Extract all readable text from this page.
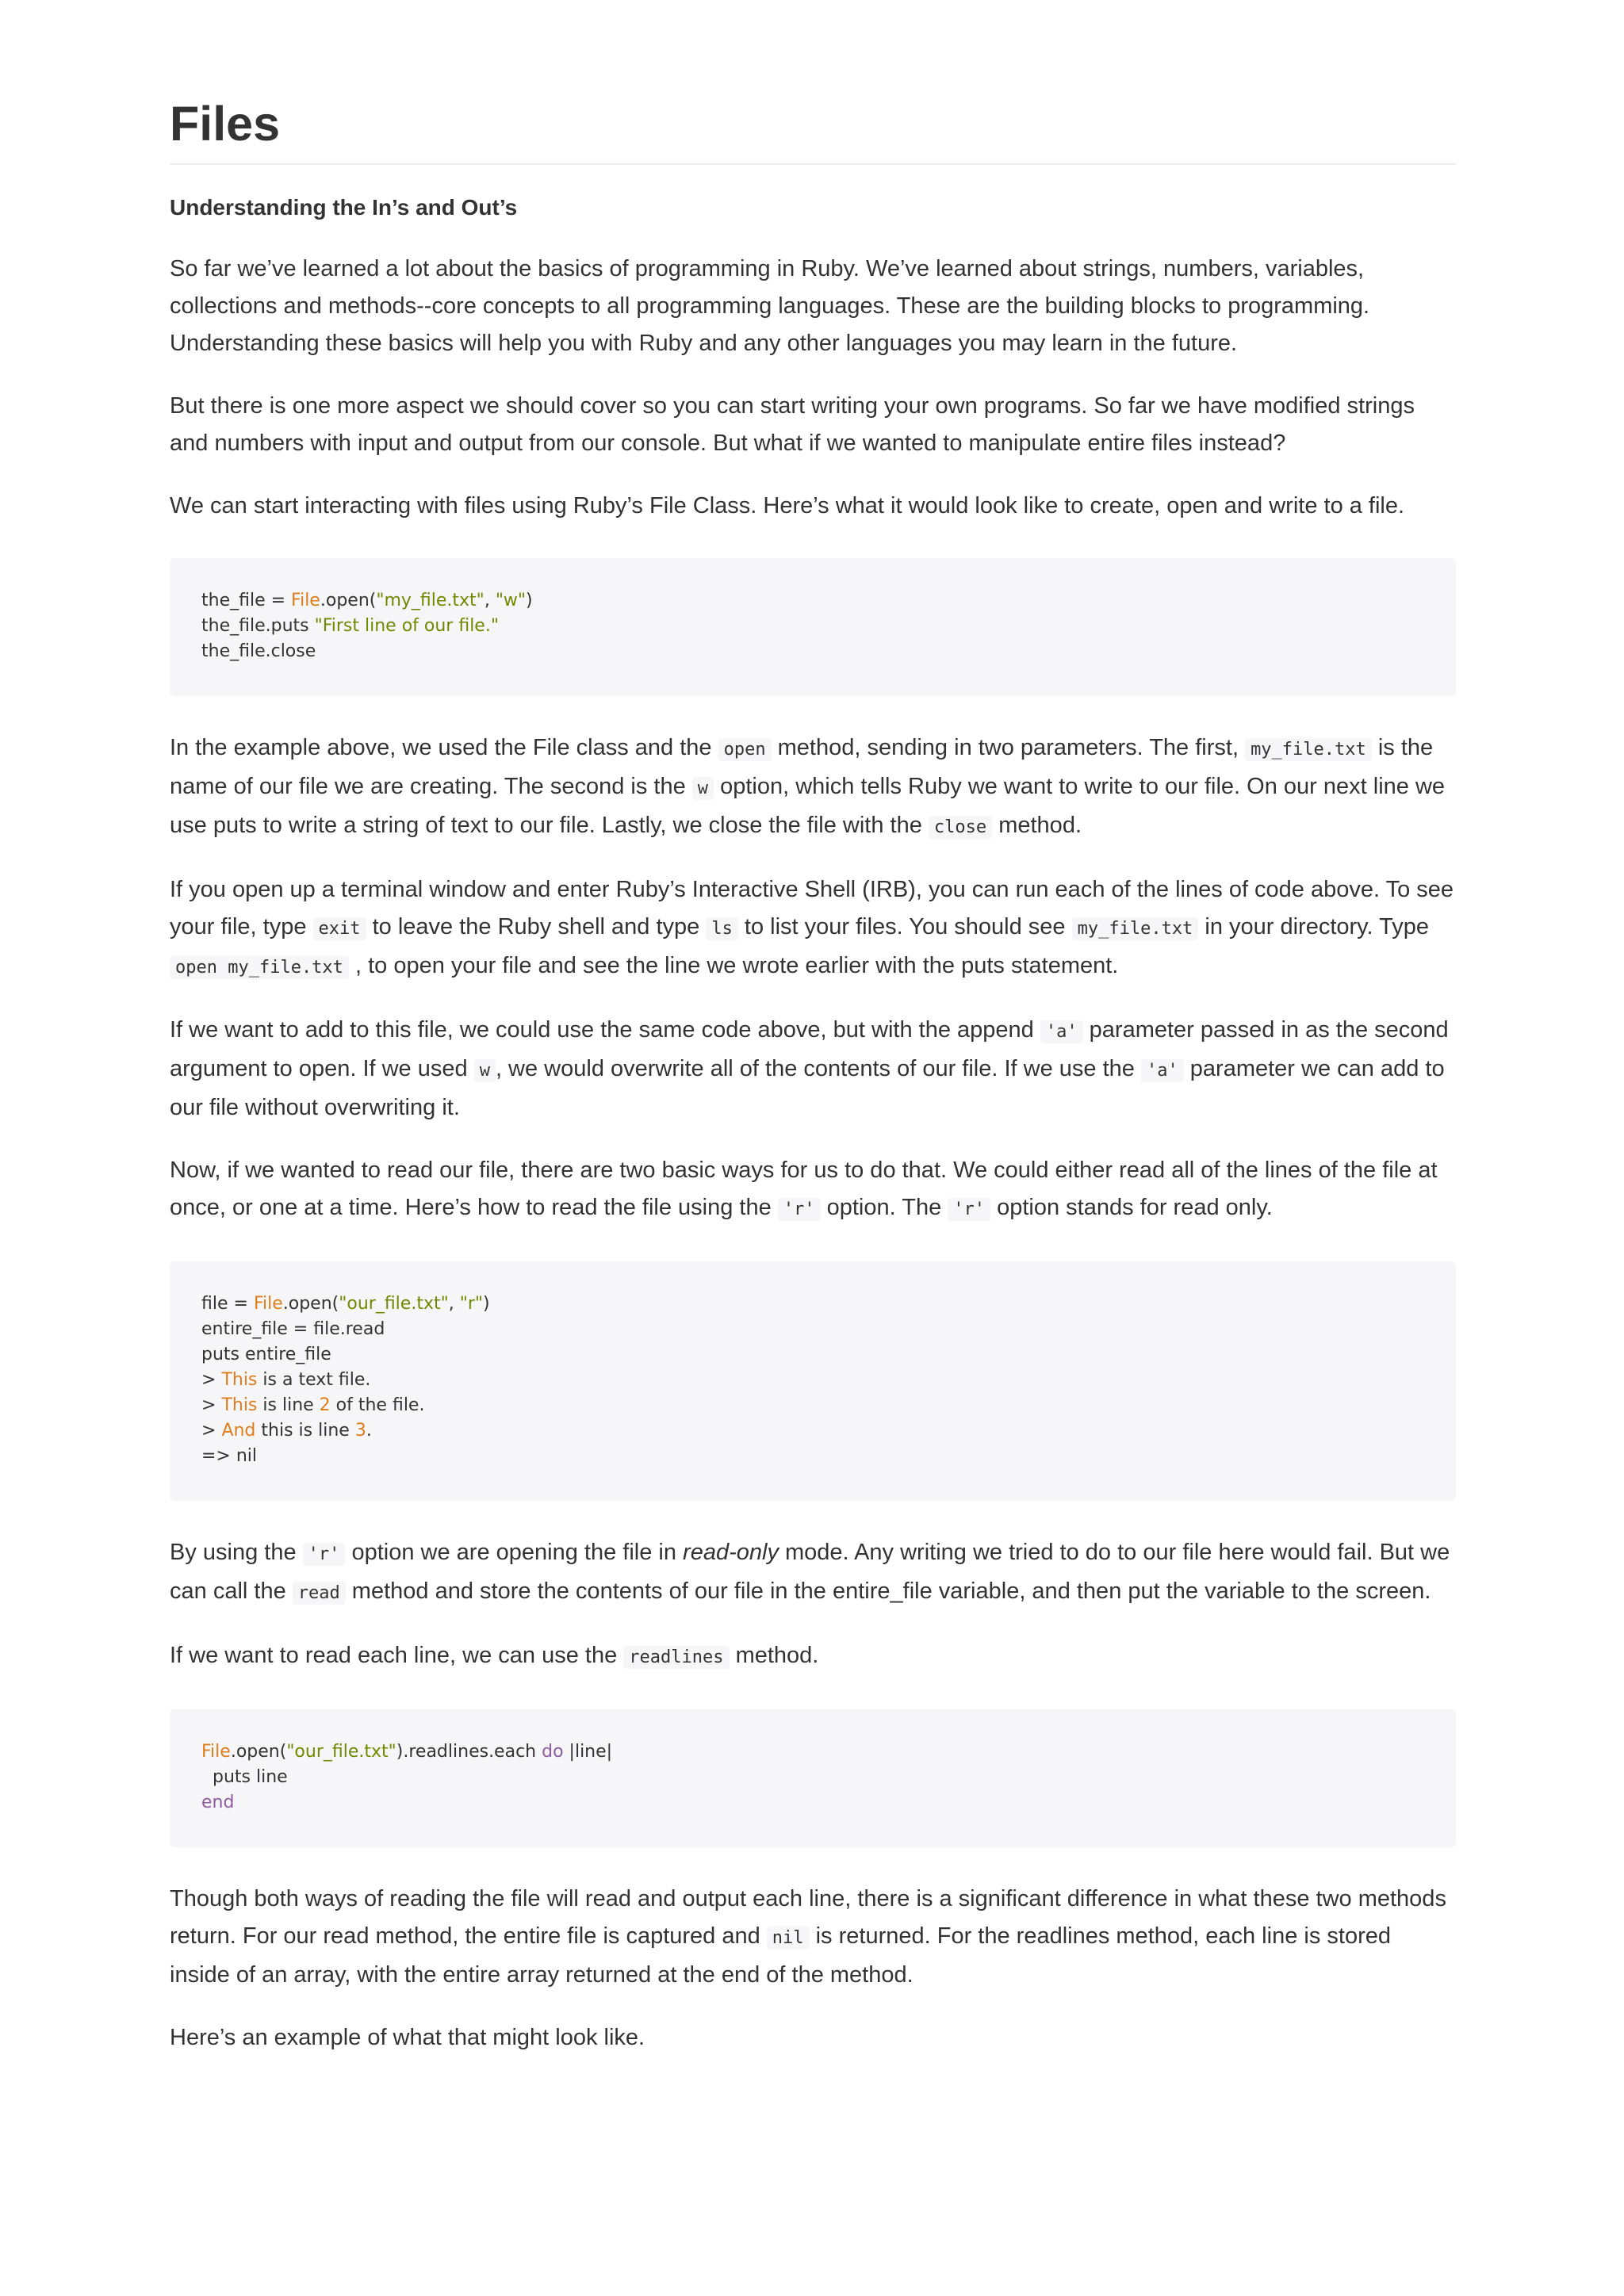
Files
Understanding the In’s and Out’s

So far we’ve learned a lot about the basics of programming in Ruby. We’ve learned about strings, numbers, variables, collections and methods--core concepts to all programming languages. These are the building blocks to programming. Understanding these basics will help you with Ruby and any other languages you may learn in the future.

But there is one more aspect we should cover so you can start writing your own programs. So far we have modified strings and numbers with input and output from our console. But what if we wanted to manipulate entire files instead?

We can start interacting with files using Ruby’s File Class. Here’s what it would look like to create, open and write to a file.

the_file = File.open("my_file.txt", "w")
the_file.puts "First line of our file."
the_file.close

In the example above, we used the File class and the open method, sending in two parameters. The first, my_file.txt is the name of our file we are creating. The second is the w option, which tells Ruby we want to write to our file. On our next line we use puts to write a string of text to our file. Lastly, we close the file with the close method.

If you open up a terminal window and enter Ruby’s Interactive Shell (IRB), you can run each of the lines of code above. To see your file, type exit to leave the Ruby shell and type ls to list your files. You should see my_file.txt in your directory. Type open my_file.txt , to open your file and see the line we wrote earlier with the puts statement.

If we want to add to this file, we could use the same code above, but with the append 'a' parameter passed in as the second argument to open. If we used w , we would overwrite all of the contents of our file. If we use the 'a' parameter we can add to our file without overwriting it.

Now, if we wanted to read our file, there are two basic ways for us to do that. We could either read all of the lines of the file at once, or one at a time. Here’s how to read the file using the 'r' option. The 'r' option stands for read only.

file = File.open("our_file.txt", "r")
entire_file = file.read
puts entire_file
> This is a text file.
> This is line 2 of the file.
> And this is line 3.
=> nil

By using the 'r' option we are opening the file in read-only mode. Any writing we tried to do to our file here would fail. But we can call the read method and store the contents of our file in the entire_file variable, and then put the variable to the screen.

If we want to read each line, we can use the readlines method.

File.open("our_file.txt").readlines.each do |line|
puts line
end

Though both ways of reading the file will read and output each line, there is a significant difference in what these two methods return. For our read method, the entire file is captured and nil is returned. For the readlines method, each line is stored inside of an array, with the entire array returned at the end of the method.

Here’s an example of what that might look like.
